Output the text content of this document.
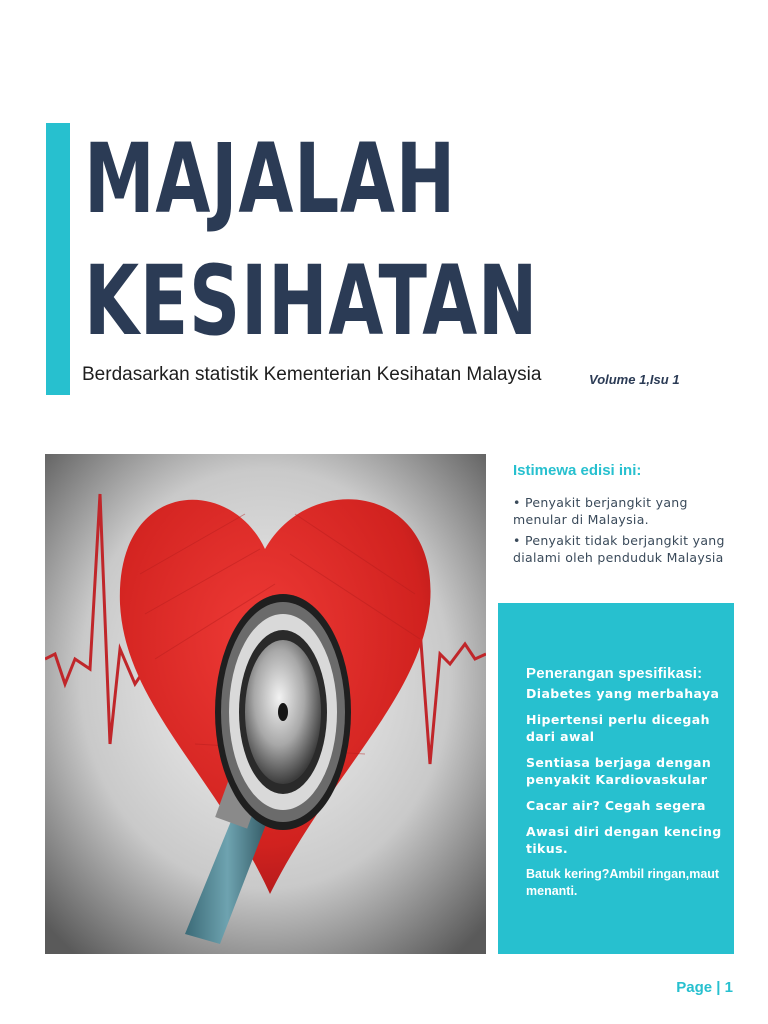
MAJALAH
KESIHATAN
Berdasarkan statistik Kementerian Kesihatan Malaysia	Volume 1,Isu 1

Istimewa edisi ini:

• Penyakit berjangkit yang menular di Malaysia.
• Penyakit tidak berjangkit yang dialami oleh penduduk Malaysia

Penerangan spesifikasi:

Diabetes yang merbahaya
Hipertensi perlu dicegah dari awal
Sentiasa berjaga dengan penyakit Kardiovaskular
Cacar air? Cegah segera
Awasi diri dengan kencing tikus.
Batuk kering?Ambil ringan,maut menanti.
Page | 1
